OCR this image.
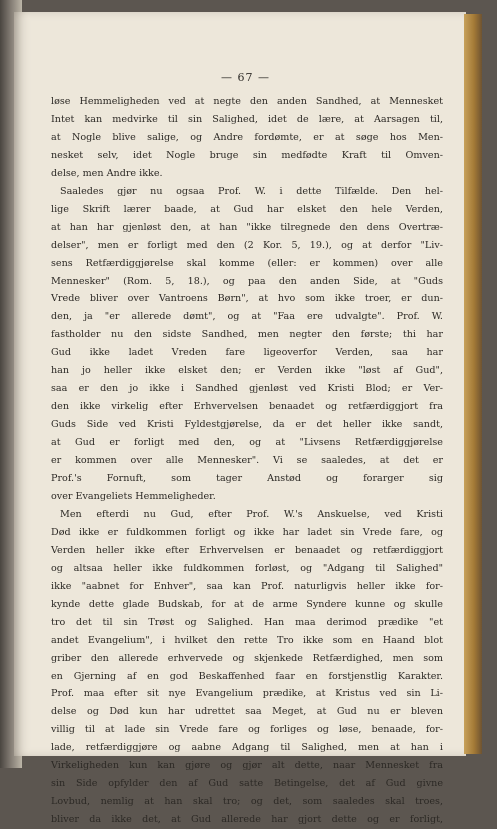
— 67 —
løse Hemmeligheden ved at negte den anden Sandhed, at Mennesket
Intet kan medvirke til sin Salighed, idet de lære, at Aarsagen til,
at Nogle blive salige, og Andre fordømte, er at søge hos Men-
nesket selv, idet Nogle bruge sin medfødte Kraft til Omven-
delse, men Andre ikke.
Saaledes gjør nu ogsaa Prof. W. i dette Tilfælde. Den hel-
lige Skrift lærer baade, at Gud har elsket den hele Verden,
at han har gjenløst den, at han "ikke tilregnede den dens Overtræ-
delser", men er forligt med den (2 Kor. 5, 19.), og at derfor "Liv-
sens Retfærdiggjørelse skal komme (eller: er kommen) over alle
Mennesker" (Rom. 5, 18.), og paa den anden Side, at "Guds
Vrede bliver over Vantroens Børn", at hvo som ikke troer, er dun-
den, ja "er allerede dømt", og at "Faa ere udvalgte". Prof. W.
fastholder nu den sidste Sandhed, men negter den første; thi har
Gud ikke ladet Vreden fare ligeoverfor Verden, saa har
han jo heller ikke elsket den; er Verden ikke "løst af Gud",
saa er den jo ikke i Sandhed gjenløst ved Kristi Blod; er Ver-
den ikke virkelig efter Erhvervelsen benaadet og retfærdiggjort fra
Guds Side ved Kristi Fyldestgjørelse, da er det heller ikke sandt,
at Gud er forligt med den, og at "Livsens Retfærdiggjørelse
er kommen over alle Mennesker". Vi se saaledes, at det er
Prof.'s Fornuft, som tager Anstød og forarger sig
over Evangeliets Hemmeligheder.
Men efterdi nu Gud, efter Prof. W.'s Anskuelse, ved Kristi
Død ikke er fuldkommen forligt og ikke har ladet sin Vrede fare, og
Verden heller ikke efter Erhvervelsen er benaadet og retfærdiggjort
og altsaa heller ikke fuldkommen forløst, og "Adgang til Salighed"
ikke "aabnet for Enhver", saa kan Prof. naturligvis heller ikke for-
kynde dette glade Budskab, for at de arme Syndere kunne og skulle
tro det til sin Trøst og Salighed. Han maa derimod prædike "et
andet Evangelium", i hvilket den rette Tro ikke som en Haand blot
griber den allerede erhvervede og skjenkede Retfærdighed, men som
en Gjerning af en god Beskaffenhed faar en forstjenstlig Karakter.
Prof. maa efter sit nye Evangelium prædike, at Kristus ved sin Li-
delse og Død kun har udrettet saa Meget, at Gud nu er bleven
villig til at lade sin Vrede fare og forliges og løse, benaade, for-
lade, retfærdiggjøre og aabne Adgang til Salighed, men at han i
Virkeligheden kun kan gjøre og gjør alt dette, naar Mennesket fra
sin Side opfylder den af Gud satte Betingelse, det af Gud givne
Lovbud, nemlig at han skal tro; og det, som saaledes skal troes,
bliver da ikke det, at Gud allerede har gjort dette og er forligt,
